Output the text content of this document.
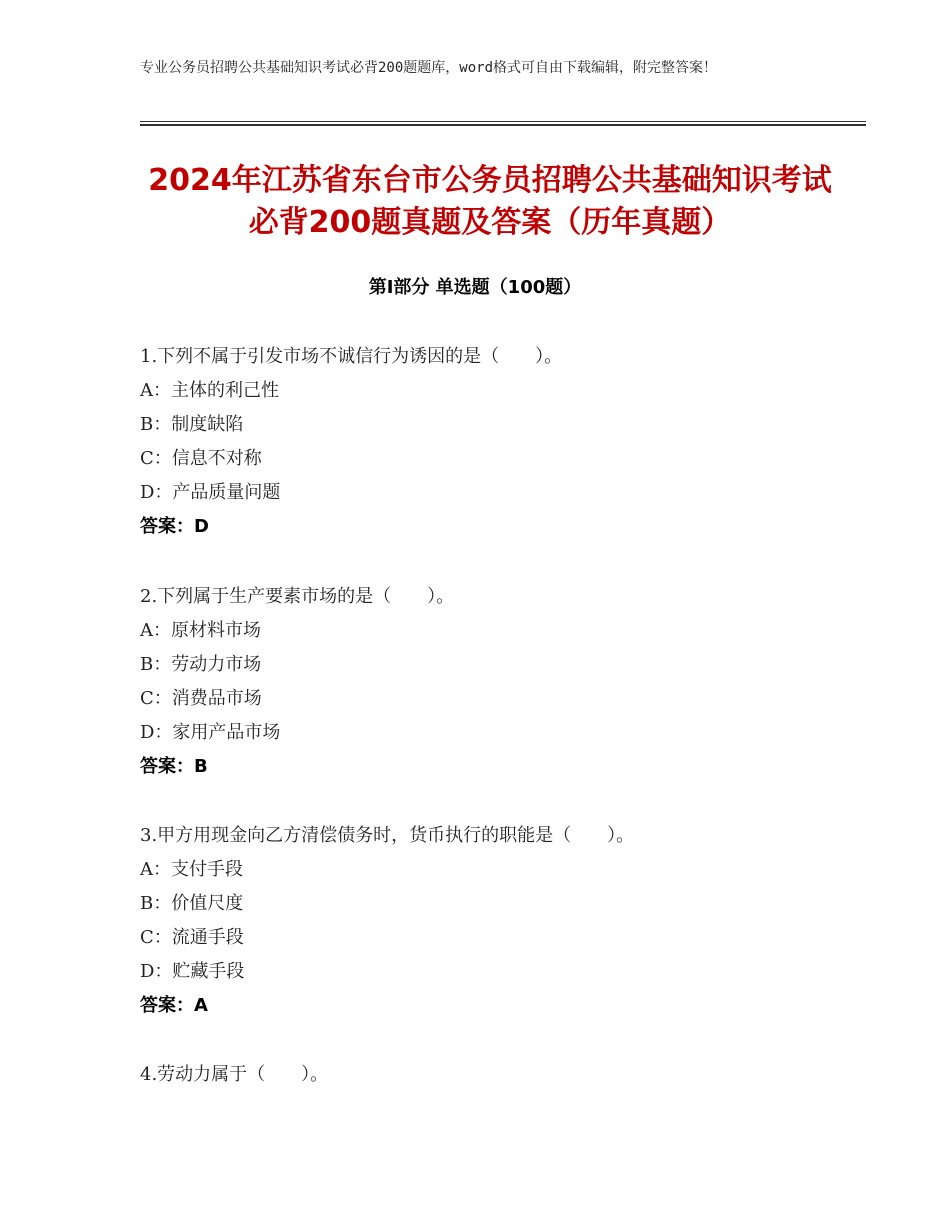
专业公务员招聘公共基础知识考试必背200题题库，word格式可自由下载编辑，附完整答案！
2024年江苏省东台市公务员招聘公共基础知识考试必背200题真题及答案（历年真题）
第Ⅰ部分 单选题（100题）
1.下列不属于引发市场不诚信行为诱因的是（　　）。
A：主体的利己性
B：制度缺陷
C：信息不对称
D：产品质量问题
答案：D
2.下列属于生产要素市场的是（　　）。
A：原材料市场
B：劳动力市场
C：消费品市场
D：家用产品市场
答案：B
3.甲方用现金向乙方清偿债务时，货币执行的职能是（　　）。
A：支付手段
B：价值尺度
C：流通手段
D：贮藏手段
答案：A
4.劳动力属于（　　）。
